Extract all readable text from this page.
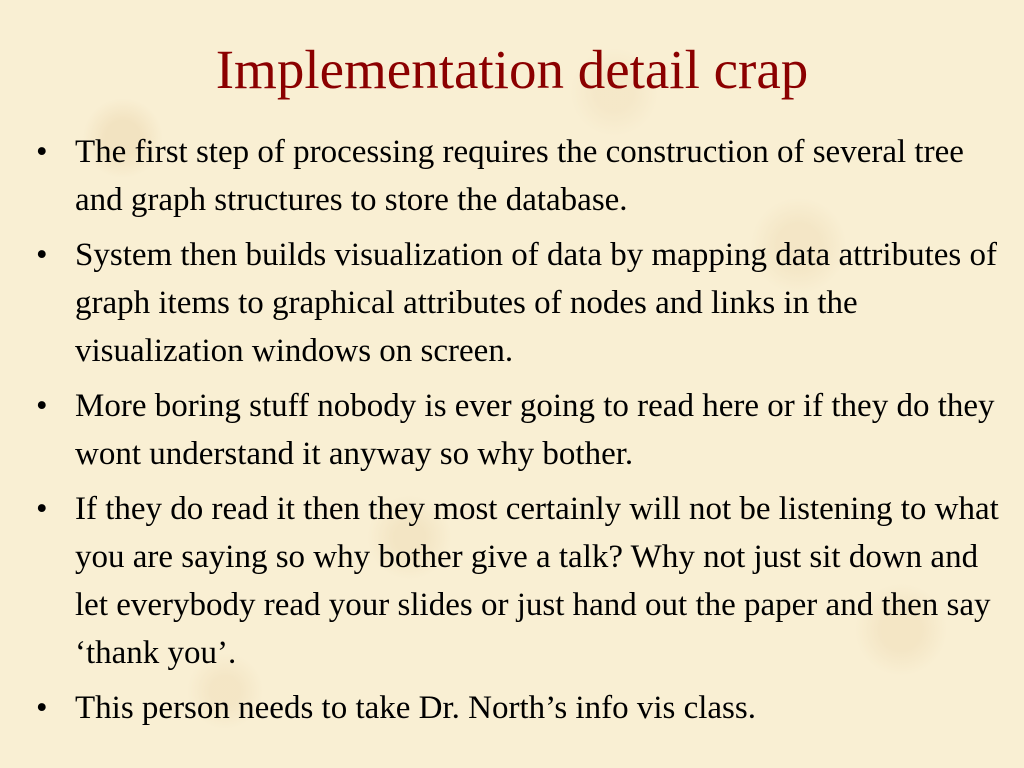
Implementation detail crap
• The first step of processing requires the construction of several tree and graph structures to store the database.
• System then builds visualization of data by mapping data attributes of graph items to graphical attributes of nodes and links in the visualization windows on screen.
• More boring stuff nobody is ever going to read here or if they do they wont understand it anyway so why bother.
• If they do read it then they most certainly will not be listening to what you are saying so why bother give a talk? Why not just sit down and let everybody read your slides or just hand out the paper and then say ‘thank you’.
• This person needs to take Dr. North’s info vis class.
